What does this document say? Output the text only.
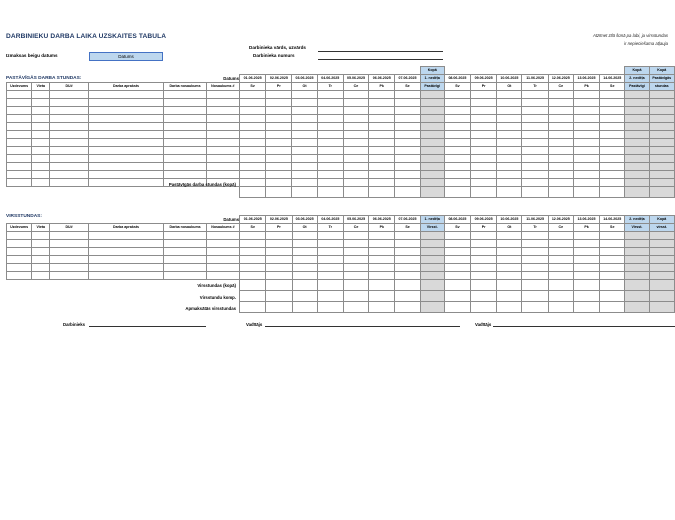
DARBINIEKU DARBA LAIKA UZSKAITES TABULA	Atzīmet zīlā šūnā pa labi, ja virsstundas
ir nepieciešama atļauja
Darbinieka vārds, uzvārds
Darbinieka numurs
Izmaksas beigu datums	Datums
PASTĀVĪGĀS DARBA STUNDAS:
													Kopā								Kopā	Kopā
Datums						01.06.2025	02.06.2025	03.06.2025	04.06.2025	05.06.2025	06.06.2025	07.06.2025	1. nedēļa	08.06.2025	09.06.2025	10.06.2025	11.06.2025	12.06.2025	13.06.2025	14.06.2025	2. nedēļa	Pastāvīgās
Uzdevums	Vieta	DU#	Darba apraksts	Darba nosaukums	Nosaukums #	Sv	Pr	Ot	Tr	Ce	Pk	Se	Pastāvīgi	Sv	Pr	Ot	Tr	Ce	Pk	Se	Pastāvīgi	stundas

Pastāvīgās darba stundas (kopā)
VIRSSTUNDAS:
Datums						01.06.2025	02.06.2025	03.06.2025	04.06.2025	05.06.2025	06.06.2025	07.06.2025	1. nedēļa	08.06.2025	09.06.2025	10.06.2025	11.06.2025	12.06.2025	13.06.2025	14.06.2025	2. nedēļa	Kopā
Uzdevums	Vieta	DU#	Darba apraksts	Darba nosaukums	Nosaukums #	Sv	Pr	Ot	Tr	Ce	Pk	Se	Virsst.	Sv	Pr	Ot	Tr	Ce	Pk	Se	Virsst.	virsst.

Virsstundas (kopā)
Virsstundu komp.
Apmaksātās virsstundas
Darbinieks	Vadītājs	Vadītājs
